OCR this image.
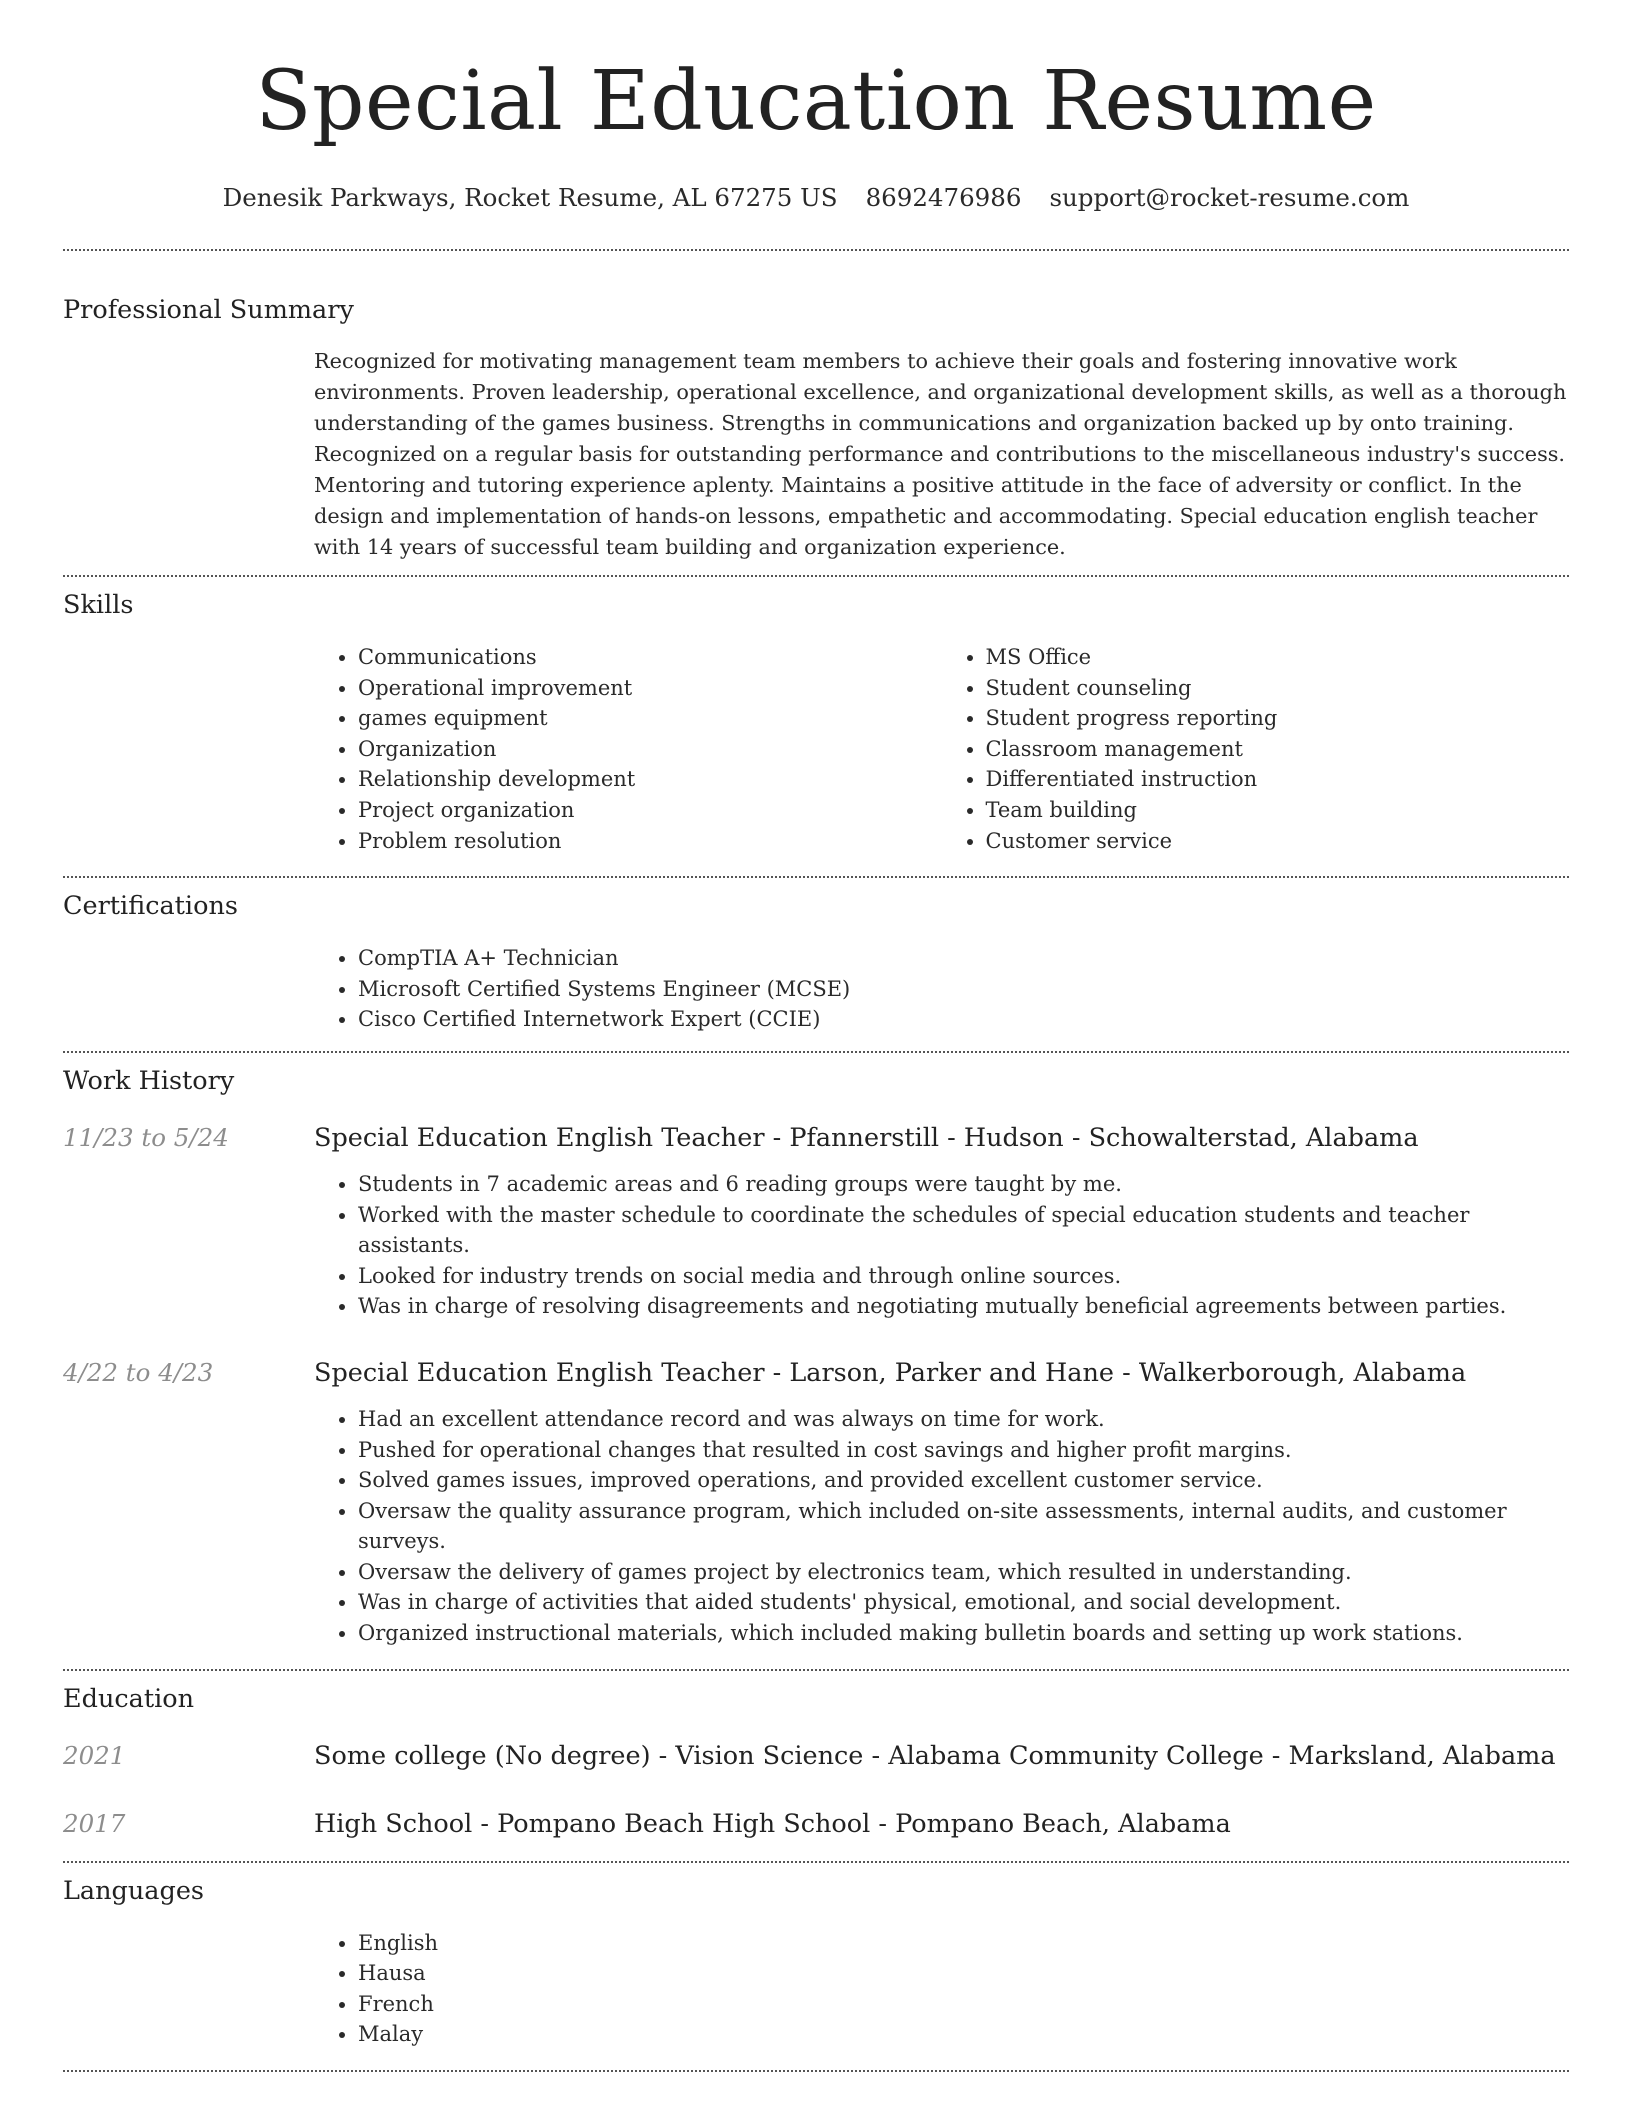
Special Education Resume
Denesik Parkways, Rocket Resume, AL 67275 US 8692476986 support@rocket-resume.com
Professional Summary

Recognized for motivating management team members to achieve their goals and fostering innovative work environments. Proven leadership, operational excellence, and organizational development skills, as well as a thorough understanding of the games business. Strengths in communications and organization backed up by onto training. Recognized on a regular basis for outstanding performance and contributions to the miscellaneous industry's success. Mentoring and tutoring experience aplenty. Maintains a positive attitude in the face of adversity or conflict. In the design and implementation of hands-on lessons, empathetic and accommodating. Special education english teacher with 14 years of successful team building and organization experience.

Skills
• Communications
• Operational improvement
• games equipment
• Organization
• Relationship development
• Project organization
• Problem resolution
• MS Office
• Student counseling
• Student progress reporting
• Classroom management
• Differentiated instruction
• Team building
• Customer service
Certifications
• CompTIA A+ Technician
• Microsoft Certified Systems Engineer (MCSE)
• Cisco Certified Internetwork Expert (CCIE)
Work History
11/23 to 5/24	Special Education English Teacher - Pfannerstill - Hudson - Schowalterstad, Alabama
• Students in 7 academic areas and 6 reading groups were taught by me.
• Worked with the master schedule to coordinate the schedules of special education students and teacher assistants.
• Looked for industry trends on social media and through online sources.
• Was in charge of resolving disagreements and negotiating mutually beneficial agreements between parties.
4/22 to 4/23	Special Education English Teacher - Larson, Parker and Hane - Walkerborough, Alabama
• Had an excellent attendance record and was always on time for work.
• Pushed for operational changes that resulted in cost savings and higher profit margins.
• Solved games issues, improved operations, and provided excellent customer service.
• Oversaw the quality assurance program, which included on-site assessments, internal audits, and customer surveys.
• Oversaw the delivery of games project by electronics team, which resulted in understanding.
• Was in charge of activities that aided students' physical, emotional, and social development.
• Organized instructional materials, which included making bulletin boards and setting up work stations.
Education
2021	Some college (No degree) - Vision Science - Alabama Community College - Marksland, Alabama
2017	High School - Pompano Beach High School - Pompano Beach, Alabama
Languages
• English
• Hausa
• French
• Malay
